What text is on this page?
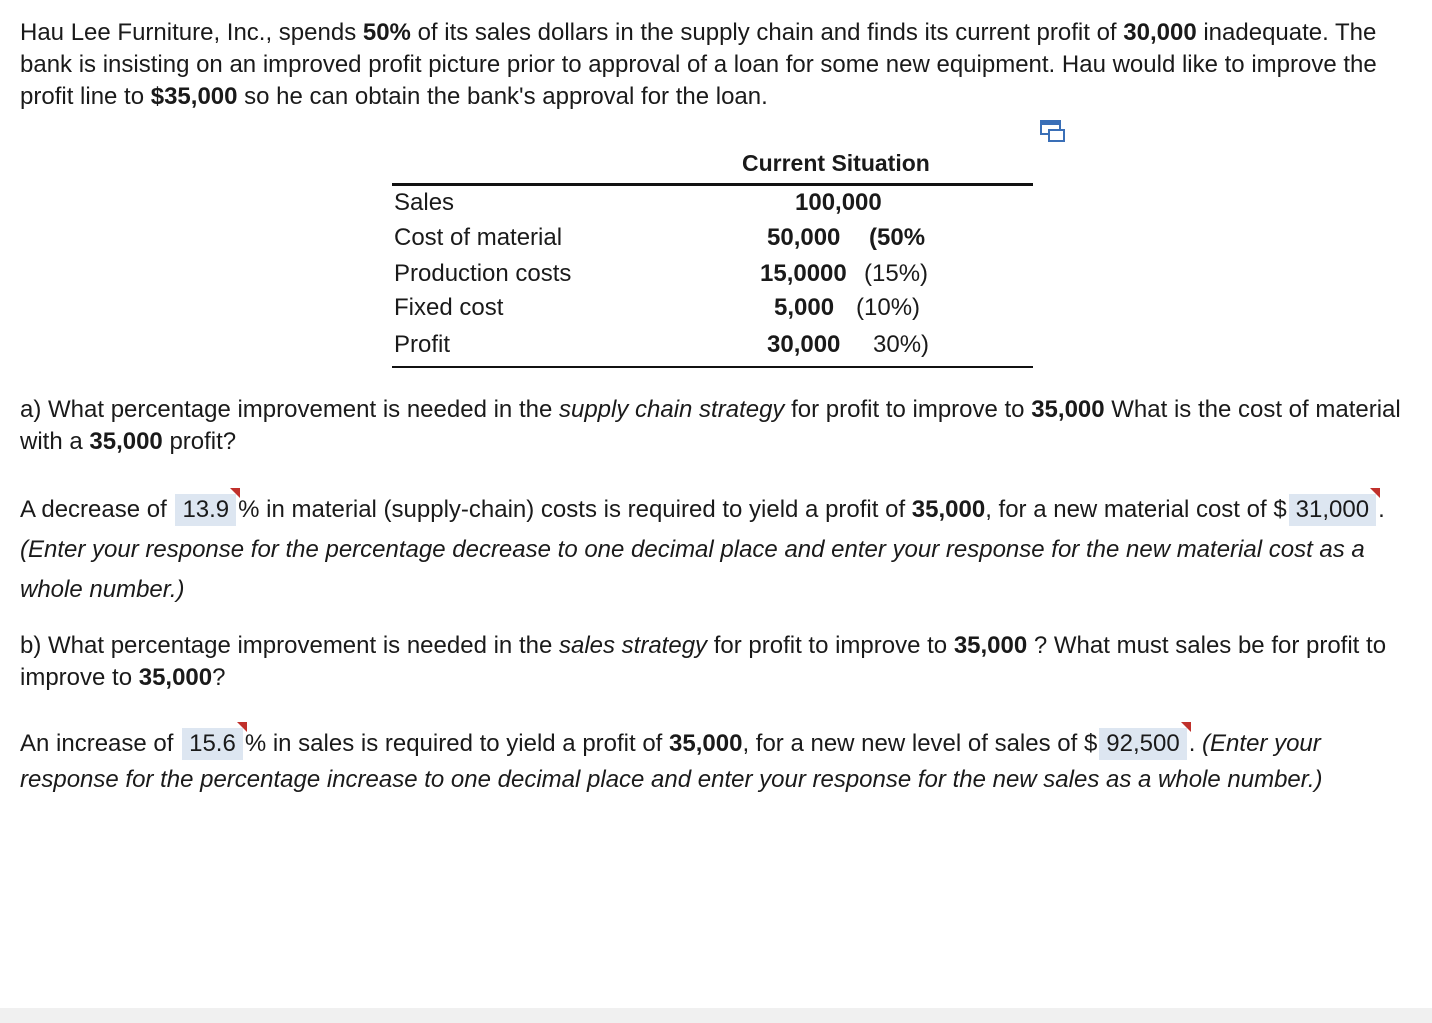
Hau Lee Furniture, Inc., spends 50% of its sales dollars in the supply chain and finds its current profit of 30,000 inadequate. The bank is insisting on an improved profit picture prior to approval of a loan for some new equipment. Hau would like to improve the profit line to $35,000 so he can obtain the bank's approval for the loan.

Current Situation
Sales	100,000
Cost of material	50,000 (50%
Production costs	15,0000 (15%)
Fixed cost	5,000 (10%)
Profit	30,000 30%)

a) What percentage improvement is needed in the supply chain strategy for profit to improve to 35,000 What is the cost of material with a 35,000 profit?

A decrease of 13.9 % in material (supply-chain) costs is required to yield a profit of 35,000, for a new material cost of $ 31,000 . (Enter your response for the percentage decrease to one decimal place and enter your response for the new material cost as a whole number.)

b) What percentage improvement is needed in the sales strategy for profit to improve to 35,000 ? What must sales be for profit to improve to 35,000?

An increase of 15.6 % in sales is required to yield a profit of 35,000, for a new new level of sales of $ 92,500 . (Enter your response for the percentage increase to one decimal place and enter your response for the new sales as a whole number.)
